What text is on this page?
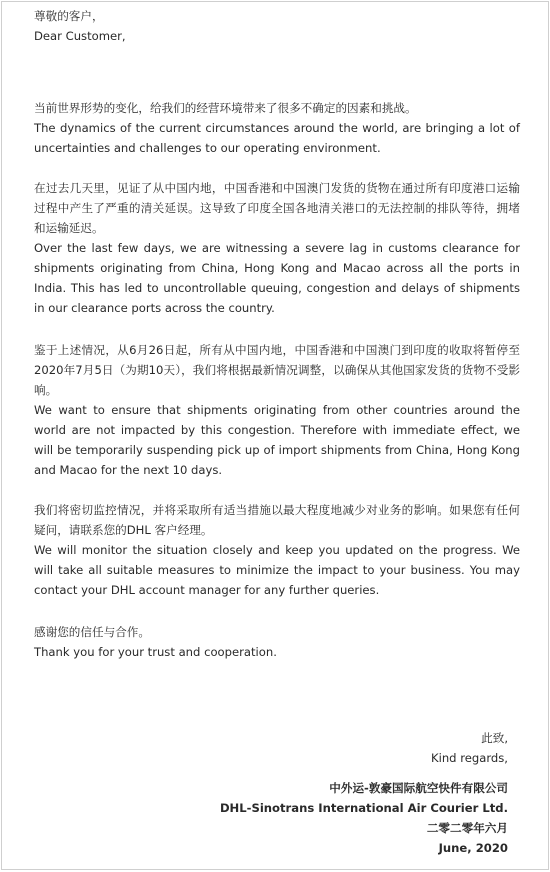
尊敬的客户，

Dear Customer,

当前世界形势的变化，给我们的经营环境带来了很多不确定的因素和挑战。

The dynamics of the current circumstances around the world, are bringing a lot of uncertainties and challenges to our operating environment.

在过去几天里，见证了从中国内地，中国香港和中国澳门发货的货物在通过所有印度港口运输过程中产生了严重的清关延误。这导致了印度全国各地清关港口的无法控制的排队等待，拥堵和运输延迟。

Over the last few days, we are witnessing a severe lag in customs clearance for shipments originating from China, Hong Kong and Macao across all the ports in India. This has led to uncontrollable queuing, congestion and delays of shipments in our clearance ports across the country.

鉴于上述情况，从6月26日起，所有从中国内地，中国香港和中国澳门到印度的收取将暂停至2020年7月5日（为期10天），我们将根据最新情况调整，以确保从其他国家发货的货物不受影响。

We want to ensure that shipments originating from other countries around the world are not impacted by this congestion. Therefore with immediate effect, we will be temporarily suspending pick up of import shipments from China, Hong Kong and Macao for the next 10 days.

我们将密切监控情况，并将采取所有适当措施以最大程度地减少对业务的影响。如果您有任何疑问，请联系您的DHL 客户经理。

We will monitor the situation closely and keep you updated on the progress. We will take all suitable measures to minimize the impact to your business. You may contact your DHL account manager for any further queries.

感谢您的信任与合作。

Thank you for your trust and cooperation.

此致,

Kind regards,

中外运-敦豪国际航空快件有限公司

DHL-Sinotrans International Air Courier Ltd.

二零二零年六月

June, 2020
